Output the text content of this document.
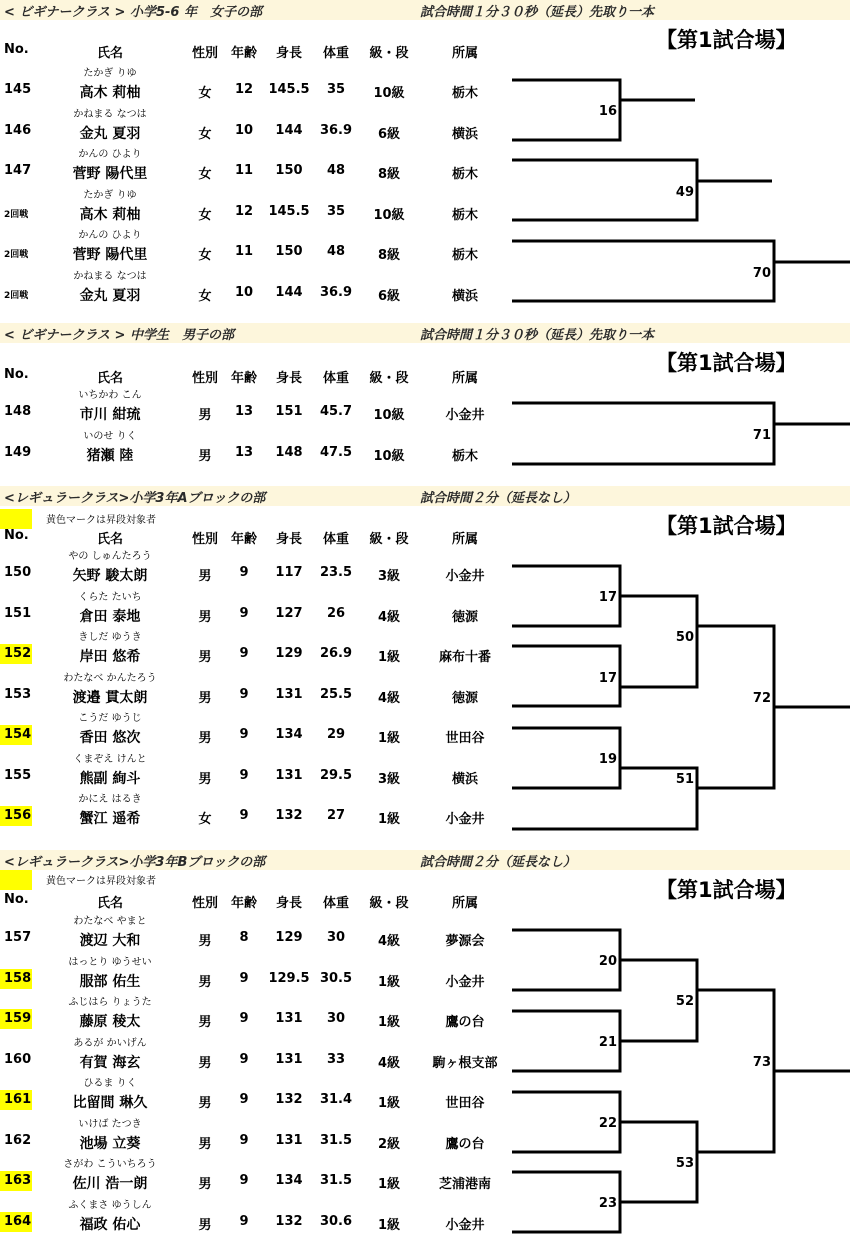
< ビギナークラス > 小学5-6 年　女子の部	試合時間１分３０秒（延長）先取り一本
【第1試合場】
No.	氏名	性別 年齢	身長	体重	級・段	所属
たかぎ りゆ
145	高木 莉柚	女	12	145.5	35	10級	栃木
かねまる なつは
146	金丸 夏羽	女	10	144	36.9	6級	横浜
かんの ひより
147	菅野 陽代里	女	11	150	48	8級	栃木
たかぎ りゆ
2回戦	高木 莉柚	女	12	145.5	35	10級	栃木
かんの ひより
2回戦	菅野 陽代里	女	11	150	48	8級	栃木
かねまる なつは
2回戦	金丸 夏羽	女	10	144	36.9	6級	横浜
< ビギナークラス > 中学生　男子の部	試合時間１分３０秒（延長）先取り一本
【第1試合場】
No.	氏名	性別 年齢	身長	体重	級・段	所属
いちかわ こん
148	市川 紺琉	男	13	151	45.7	10級	小金井
いのせ りく
149	猪瀬 陸	男	13	148	47.5	10級	栃木
<レギュラークラス>小学3年Aブロックの部	試合時間２分（延長なし）
【第1試合場】
黄色マークは昇段対象者
No.	氏名	性別 年齢	身長	体重	級・段	所属
やの しゅんたろう
150	矢野 駿太朗	男	9	117	23.5	3級	小金井
くらた たいち
151	倉田 泰地	男	9	127	26	4級	徳源
きしだ ゆうき
152	岸田 悠希	男	9	129	26.9	1級	麻布十番
わたなべ かんたろう
153	渡邉 貫太朗	男	9	131	25.5	4級	徳源
こうだ ゆうじ
154	香田 悠次	男	9	134	29	1級	世田谷
くまぞえ けんと
155	熊副 絢斗	男	9	131	29.5	3級	横浜
かにえ はるき
156	蟹江 遥希	女	9	132	27	1級	小金井
<レギュラークラス>小学3年Bブロックの部	試合時間２分（延長なし）
【第1試合場】
黄色マークは昇段対象者
No.	氏名	性別 年齢	身長	体重	級・段	所属
わたなべ やまと
157	渡辺 大和	男	8	129	30	4級	夢源会
はっとり ゆうせい
158	服部 佑生	男	9	129.5 30.5	1級	小金井
ふじはら りょうた
159	藤原 稜太	男	9	131	30	1級	鷹の台
あるが かいげん
160	有賀 海玄	男	9	131	33	4級	駒ヶ根支部
ひるま りく
161	比留間 琳久	男	9	132	31.4	1級	世田谷
いけば たつき
162	池場 立葵	男	9	131	31.5	2級	鷹の台
さがわ こういちろう
163	佐川 浩一朗	男	9	134	31.5	1級	芝浦港南
ふくまさ ゆうしん
164	福政 佑心	男	9	132	30.6	1級	小金井
16
49
70
71
17
17
19
50
51
72
20
21
22
23
52
53
73
